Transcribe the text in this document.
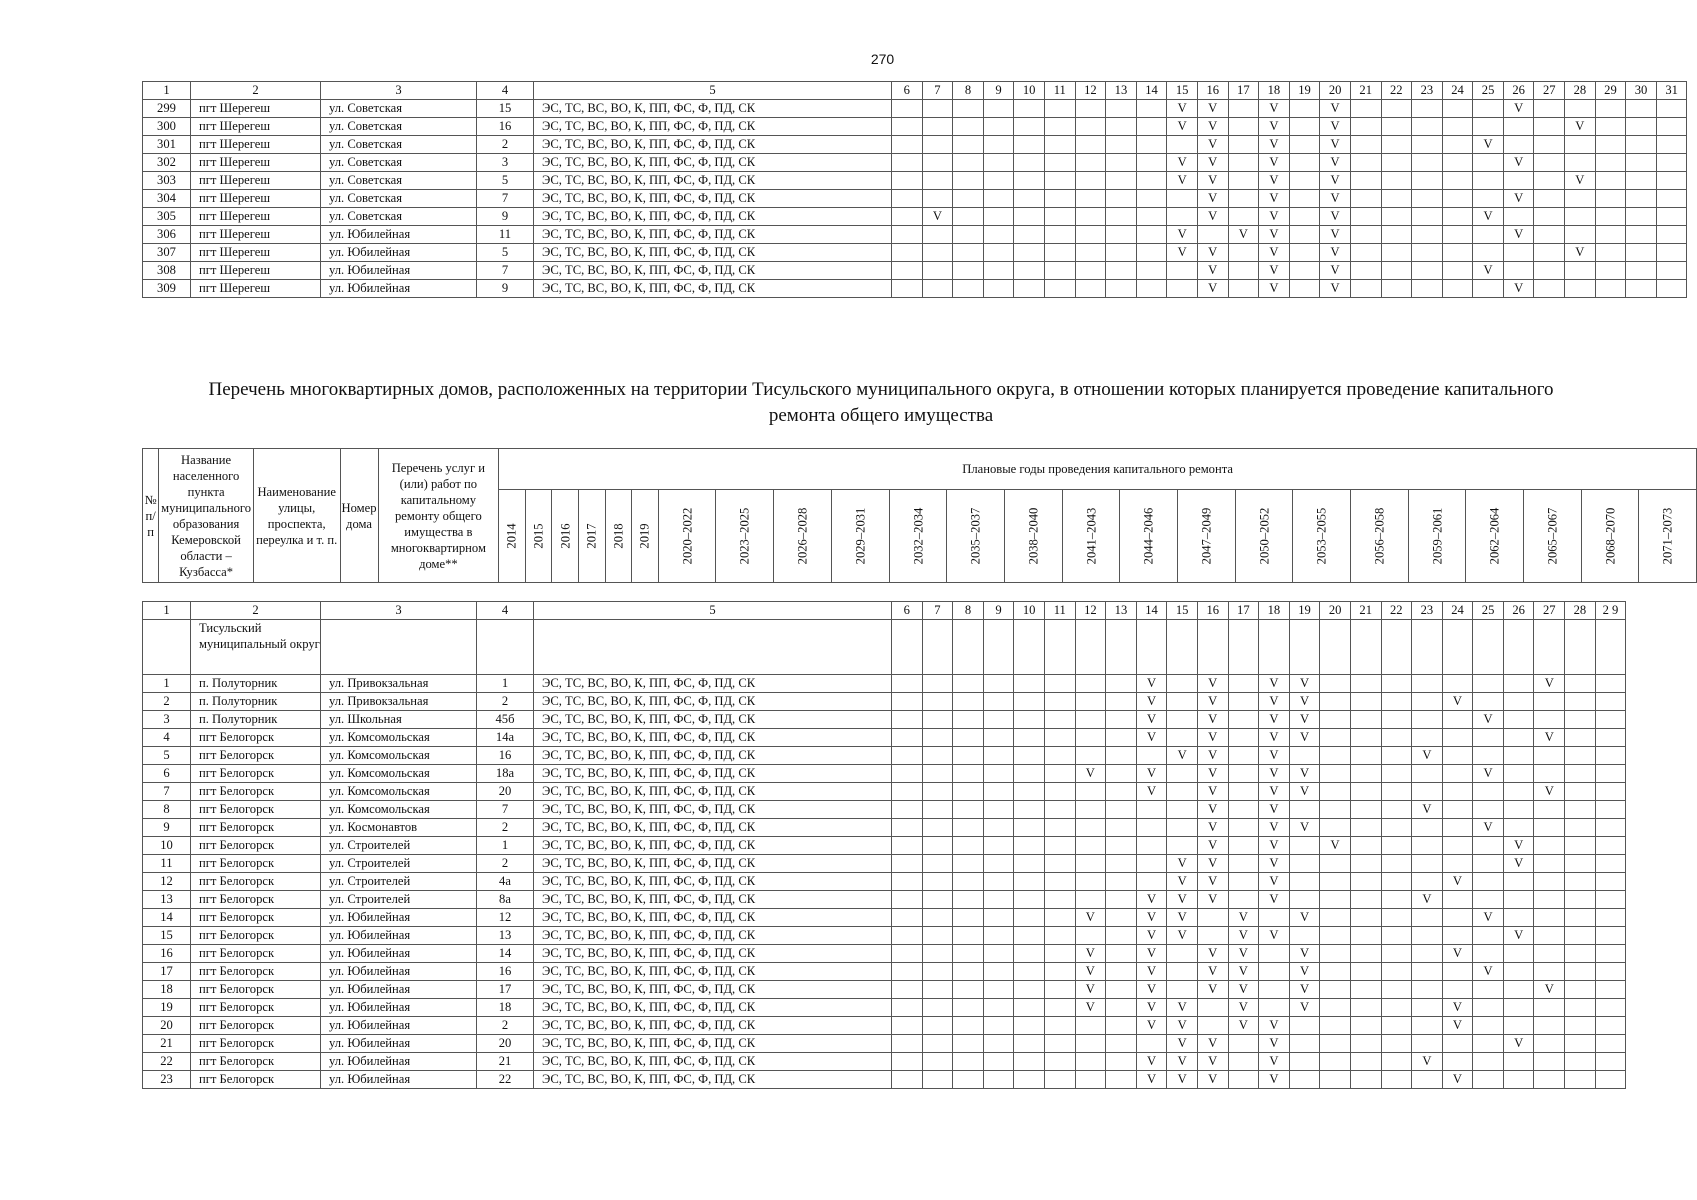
270
1	2	3	4	5	6	7	8	9	10	11	12	13	14	15	16	17	18	19	20	21	22	23	24	25	26	27	28	29	30	31
299	пгт Шерегеш	ул. Советская	15	ЭС, ТС, ВС, ВО, К, ПП, ФС, Ф, ПД, СК										V	V		V		V						V					
300	пгт Шерегеш	ул. Советская	16	ЭС, ТС, ВС, ВО, К, ПП, ФС, Ф, ПД, СК										V	V		V		V								V			
301	пгт Шерегеш	ул. Советская	2	ЭС, ТС, ВС, ВО, К, ПП, ФС, Ф, ПД, СК											V		V		V					V						
302	пгт Шерегеш	ул. Советская	3	ЭС, ТС, ВС, ВО, К, ПП, ФС, Ф, ПД, СК										V	V		V		V						V					
303	пгт Шерегеш	ул. Советская	5	ЭС, ТС, ВС, ВО, К, ПП, ФС, Ф, ПД, СК										V	V		V		V								V			
304	пгт Шерегеш	ул. Советская	7	ЭС, ТС, ВС, ВО, К, ПП, ФС, Ф, ПД, СК											V		V		V						V					
305	пгт Шерегеш	ул. Советская	9	ЭС, ТС, ВС, ВО, К, ПП, ФС, Ф, ПД, СК		V									V		V		V					V						
306	пгт Шерегеш	ул. Юбилейная	11	ЭС, ТС, ВС, ВО, К, ПП, ФС, Ф, ПД, СК										V		V	V		V						V					
307	пгт Шерегеш	ул. Юбилейная	5	ЭС, ТС, ВС, ВО, К, ПП, ФС, Ф, ПД, СК										V	V		V		V								V			
308	пгт Шерегеш	ул. Юбилейная	7	ЭС, ТС, ВС, ВО, К, ПП, ФС, Ф, ПД, СК											V		V		V					V						
309	пгт Шерегеш	ул. Юбилейная	9	ЭС, ТС, ВС, ВО, К, ПП, ФС, Ф, ПД, СК											V		V		V						V					
Перечень многоквартирных домов, расположенных на территории Тисульского муниципального округа, в отношении которых планируется проведение капитального
ремонта общего имущества
№ п/п	Название населенного пункта муниципального образования Кемеровской области – Кузбасса*	Наименование улицы, проспекта, переулка и т. п.	Номер дома	Перечень услуг и (или) работ по капитальному ремонту общего имущества в многоквартирном доме**	Плановые годы проведения капитального ремонта																							
					2014	2015	2016	2017	2018	2019	2020–2022	2023–2025	2026–2028	2029–2031	2032–2034	2035–2037	2038–2040	2041–2043	2044–2046	2047–2049	2050–2052	2053–2055	2056–2058	2059–2061	2062–2064	2065–2067	2068–2070	2071–2073
1	2	3	4	5	6	7	8	9	10	11	12	13	14	15	16	17	18	19	20	21	22	23	24	25	26	27	28	2 9
	Тисульский муниципальный округ																											
1	п. Полуторник	ул. Привокзальная	1	ЭС, ТС, ВС, ВО, К, ПП, ФС, Ф, ПД, СК									V		V		V	V								V		
2	п. Полуторник	ул. Привокзальная	2	ЭС, ТС, ВС, ВО, К, ПП, ФС, Ф, ПД, СК									V		V		V	V					V					
3	п. Полуторник	ул. Школьная	45б	ЭС, ТС, ВС, ВО, К, ПП, ФС, Ф, ПД, СК									V		V		V	V						V				
4	пгт Белогорск	ул. Комсомольская	14а	ЭС, ТС, ВС, ВО, К, ПП, ФС, Ф, ПД, СК									V		V		V	V								V		
5	пгт Белогорск	ул. Комсомольская	16	ЭС, ТС, ВС, ВО, К, ПП, ФС, Ф, ПД, СК										V	V		V					V						
6	пгт Белогорск	ул. Комсомольская	18а	ЭС, ТС, ВС, ВО, К, ПП, ФС, Ф, ПД, СК							V		V		V		V	V						V				
7	пгт Белогорск	ул. Комсомольская	20	ЭС, ТС, ВС, ВО, К, ПП, ФС, Ф, ПД, СК									V		V		V	V								V		
8	пгт Белогорск	ул. Комсомольская	7	ЭС, ТС, ВС, ВО, К, ПП, ФС, Ф, ПД, СК											V		V					V						
9	пгт Белогорск	ул. Космонавтов	2	ЭС, ТС, ВС, ВО, К, ПП, ФС, Ф, ПД, СК											V		V	V						V				
10	пгт Белогорск	ул. Строителей	1	ЭС, ТС, ВС, ВО, К, ПП, ФС, Ф, ПД, СК											V		V		V						V			
11	пгт Белогорск	ул. Строителей	2	ЭС, ТС, ВС, ВО, К, ПП, ФС, Ф, ПД, СК										V	V		V								V			
12	пгт Белогорск	ул. Строителей	4а	ЭС, ТС, ВС, ВО, К, ПП, ФС, Ф, ПД, СК										V	V		V						V					
13	пгт Белогорск	ул. Строителей	8а	ЭС, ТС, ВС, ВО, К, ПП, ФС, Ф, ПД, СК									V	V	V		V					V						
14	пгт Белогорск	ул. Юбилейная	12	ЭС, ТС, ВС, ВО, К, ПП, ФС, Ф, ПД, СК							V		V	V		V		V						V				
15	пгт Белогорск	ул. Юбилейная	13	ЭС, ТС, ВС, ВО, К, ПП, ФС, Ф, ПД, СК									V	V		V	V								V			
16	пгт Белогорск	ул. Юбилейная	14	ЭС, ТС, ВС, ВО, К, ПП, ФС, Ф, ПД, СК							V		V		V	V		V					V					
17	пгт Белогорск	ул. Юбилейная	16	ЭС, ТС, ВС, ВО, К, ПП, ФС, Ф, ПД, СК							V		V		V	V		V						V				
18	пгт Белогорск	ул. Юбилейная	17	ЭС, ТС, ВС, ВО, К, ПП, ФС, Ф, ПД, СК							V		V		V	V		V								V		
19	пгт Белогорск	ул. Юбилейная	18	ЭС, ТС, ВС, ВО, К, ПП, ФС, Ф, ПД, СК							V		V	V		V		V					V					
20	пгт Белогорск	ул. Юбилейная	2	ЭС, ТС, ВС, ВО, К, ПП, ФС, Ф, ПД, СК									V	V		V	V						V					
21	пгт Белогорск	ул. Юбилейная	20	ЭС, ТС, ВС, ВО, К, ПП, ФС, Ф, ПД, СК										V	V		V								V			
22	пгт Белогорск	ул. Юбилейная	21	ЭС, ТС, ВС, ВО, К, ПП, ФС, Ф, ПД, СК									V	V	V		V					V						
23	пгт Белогорск	ул. Юбилейная	22	ЭС, ТС, ВС, ВО, К, ПП, ФС, Ф, ПД, СК									V	V	V		V						V					
